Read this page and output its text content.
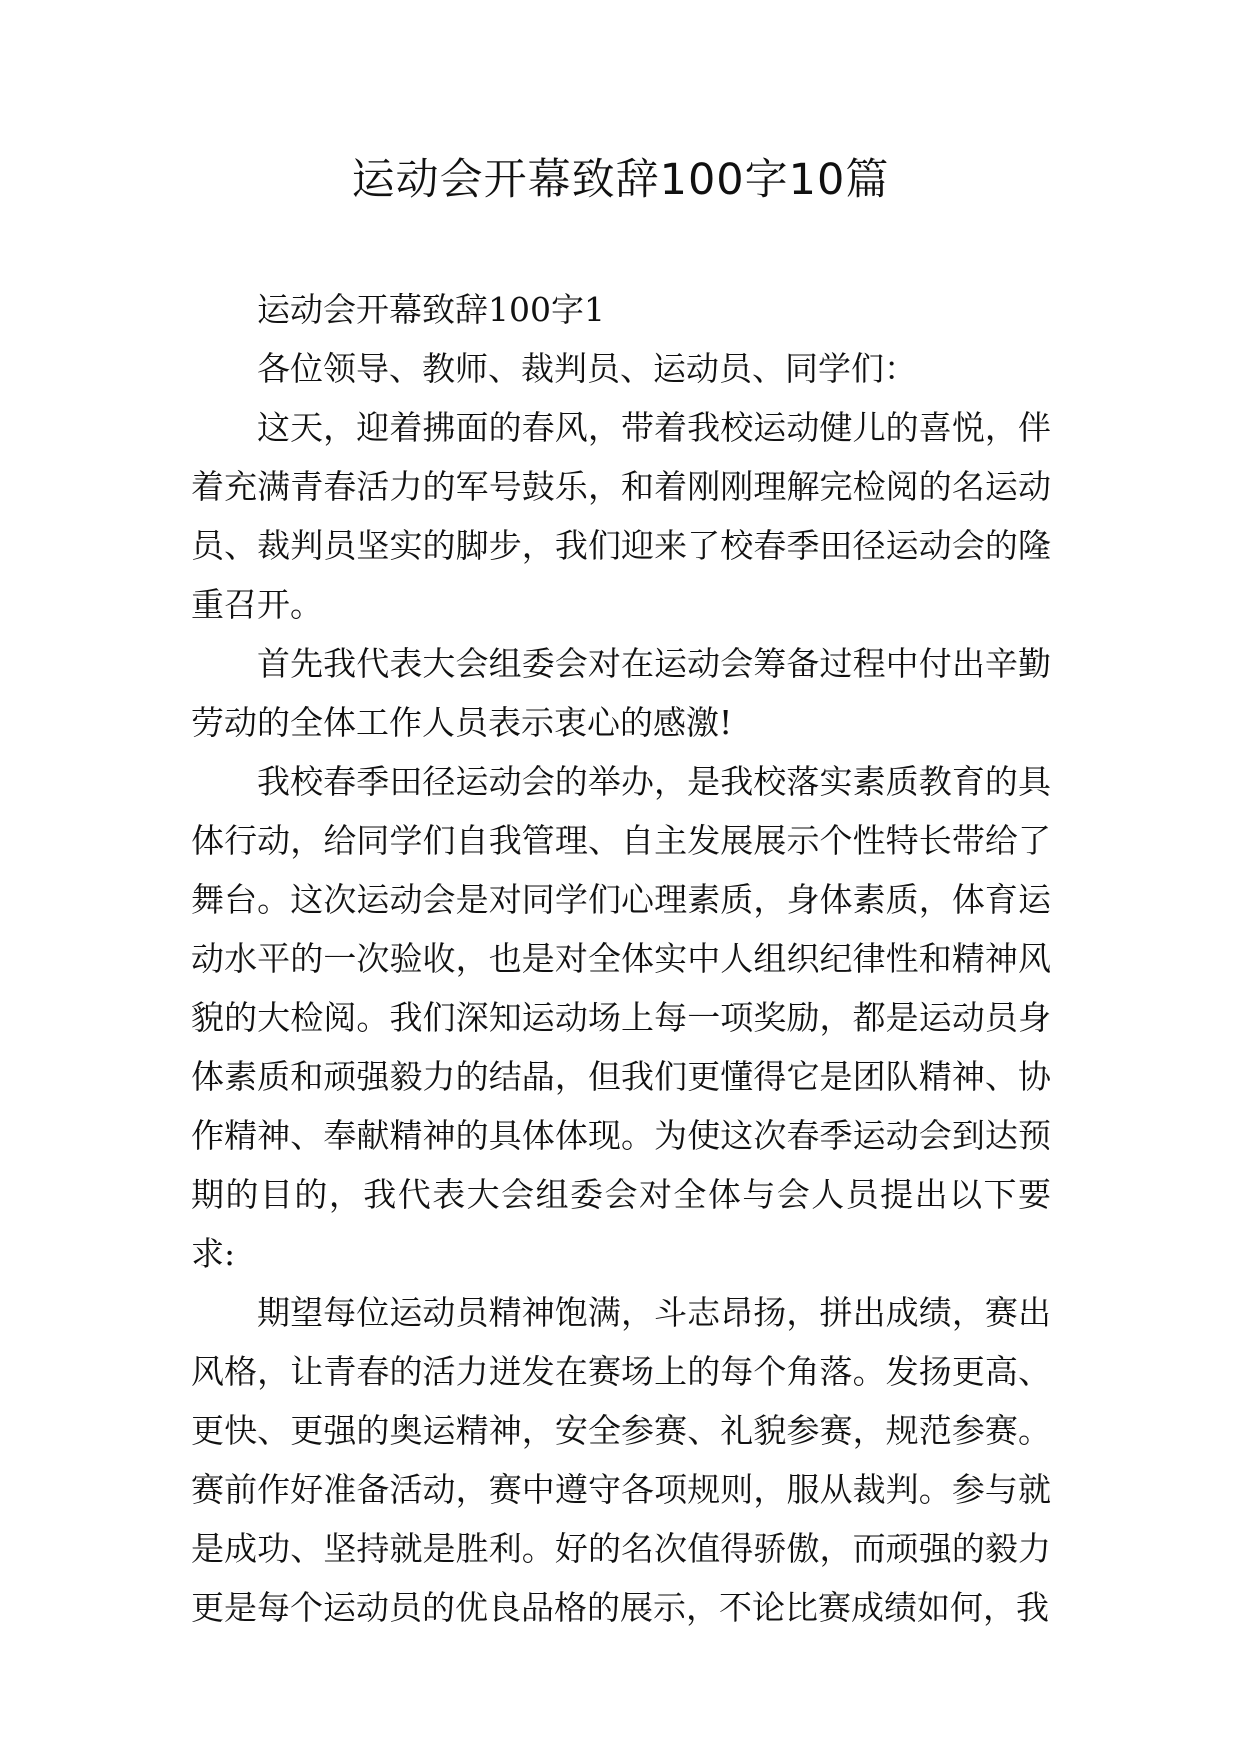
运动会开幕致辞100字10篇

运动会开幕致辞100字1

各位领导、教师、裁判员、运动员、同学们：

这天，迎着拂面的春风，带着我校运动健儿的喜悦，伴着充满青春活力的军号鼓乐，和着刚刚理解完检阅的名运动员、裁判员坚实的脚步，我们迎来了校春季田径运动会的隆重召开。

首先我代表大会组委会对在运动会筹备过程中付出辛勤劳动的全体工作人员表示衷心的感激!

我校春季田径运动会的举办，是我校落实素质教育的具体行动，给同学们自我管理、自主发展展示个性特长带给了舞台。这次运动会是对同学们心理素质，身体素质，体育运动水平的一次验收，也是对全体实中人组织纪律性和精神风貌的大检阅。我们深知运动场上每一项奖励，都是运动员身体素质和顽强毅力的结晶，但我们更懂得它是团队精神、协作精神、奉献精神的具体体现。为使这次春季运动会到达预期的目的，我代表大会组委会对全体与会人员提出以下要求:

期望每位运动员精神饱满，斗志昂扬，拼出成绩，赛出风格，让青春的活力迸发在赛场上的每个角落。发扬更高、更快、更强的奥运精神，安全参赛、礼貌参赛，规范参赛。赛前作好准备活动，赛中遵守各项规则，服从裁判。参与就是成功、坚持就是胜利。好的名次值得骄傲，而顽强的毅力更是每个运动员的优良品格的展示，不论比赛成绩如何，我
